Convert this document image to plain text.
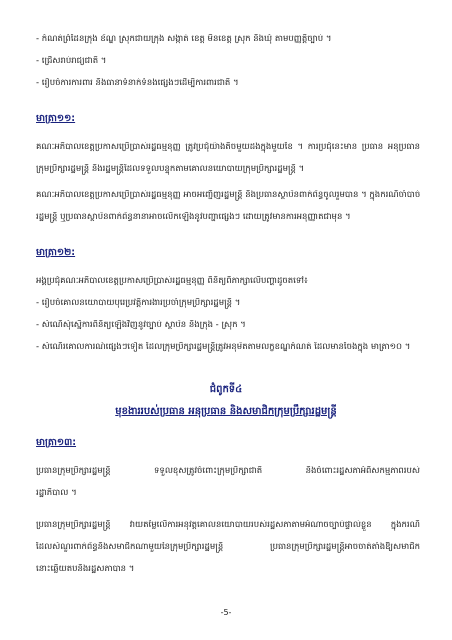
- កំណត់ព្រំដែនក្រុង ខ័ណ្ឌ ស្រុកជាយក្រុង សង្កាត់ ខេត្ត មិនខេត្ត ស្រុក និងឃុំ តាមបញ្ញត្តិច្បាប់ ។
- ជ្រើសរាប់រាជ្យជាតិ ។
- រៀបចំការការពារ និងធានាទំនាក់ទំនងផ្សេងៗដើម្បីការពារជាតិ ។
មាត្រា១១:
គណៈអភិបាលខេត្តប្រកាសប្រើប្រាស់រដ្ឋធម្មនុញ្ញ ត្រូវប្រជុំយ៉ាងតិចមួយដងក្នុងមួយខែ ។ ការប្រជុំនេះមាន ប្រធាន អនុប្រធាន
ក្រុមប្រឹក្សារដ្ឋមន្ត្រី និងរដ្ឋមន្ត្រីដែលទទួលបន្ទុកតាមគោលនយោបាយក្រុមប្រឹក្សារដ្ឋមន្ត្រី ។
គណៈអភិបាលខេត្តប្រកាសប្រើប្រាស់រដ្ឋធម្មនុញ្ញ អាចអញ្ជើញរដ្ឋមន្ត្រី និងប្រធានស្ថាប័នពាក់ព័ន្ធចូលរួមបាន ។ ក្នុងករណីចាំបាច់
រដ្ឋមន្ត្រី ឬប្រធានស្ថាប័នពាក់ព័ន្ធនានាអាចលើកឡើងនូវបញ្ហាផ្សេងៗ ដោយត្រូវមានការអនុញ្ញាតជាមុន ។
មាត្រា១២:
អង្គប្រជុំគណៈអភិបាលខេត្តប្រកាសប្រើប្រាស់រដ្ឋធម្មនុញ្ញ ពិនិត្យពិភាក្សាលើបញ្ហាដូចតទៅ៖
- រៀបចំគោលនយោបាយបុរេប្រវត្តិការងារប្រចាំក្រុមប្រឹក្សារដ្ឋមន្ត្រី ។
- សំណើសុំស្នើការពិនិត្យឡើងវិញនូវច្បាប់ ស្ថាប័ន និងក្រុង - ស្រុក ។
- សំណើរគោលការណ៍ផ្សេងៗទៀត ដែលក្រុមប្រឹក្សារដ្ឋមន្ត្រីត្រូវអនុម័តតាមលក្ខខណ្ឌកំណត់ ដែលមានចែងក្នុង មាត្រា១០ ។
ជំពូកទី៤
មុខងាររបស់ប្រធាន អនុប្រធាន និងសមាជិកក្រុមប្រឹក្សារដ្ឋមន្ត្រី
មាត្រា១៣:
ប្រធានក្រុមប្រឹក្សារដ្ឋមន្ត្រី ទទួលខុសត្រូវចំពោះក្រុមប្រឹក្សាជាតិ និងចំពោះរដ្ឋសភាអំពីសកម្មភាពរបស់
រដ្ឋាភិបាល ។
ប្រធានក្រុមប្រឹក្សារដ្ឋមន្ត្រី វាយតម្លៃលើការអនុវត្តគោលនយោបាយរបស់រដ្ឋសភាតាមអំណាចច្បាប់ផ្ទាល់ខ្លួន ក្នុងករណី
ដែលសំណួរពាក់ព័ន្ធនឹងសមាជិកណាមួយនៃក្រុមប្រឹក្សារដ្ឋមន្ត្រី ប្រធានក្រុមប្រឹក្សារដ្ឋមន្ត្រីអាចចាត់តាំងឱ្យសមាជិក
នោះឆ្លើយតបនឹងរដ្ឋសភាបាន ។
-5-
